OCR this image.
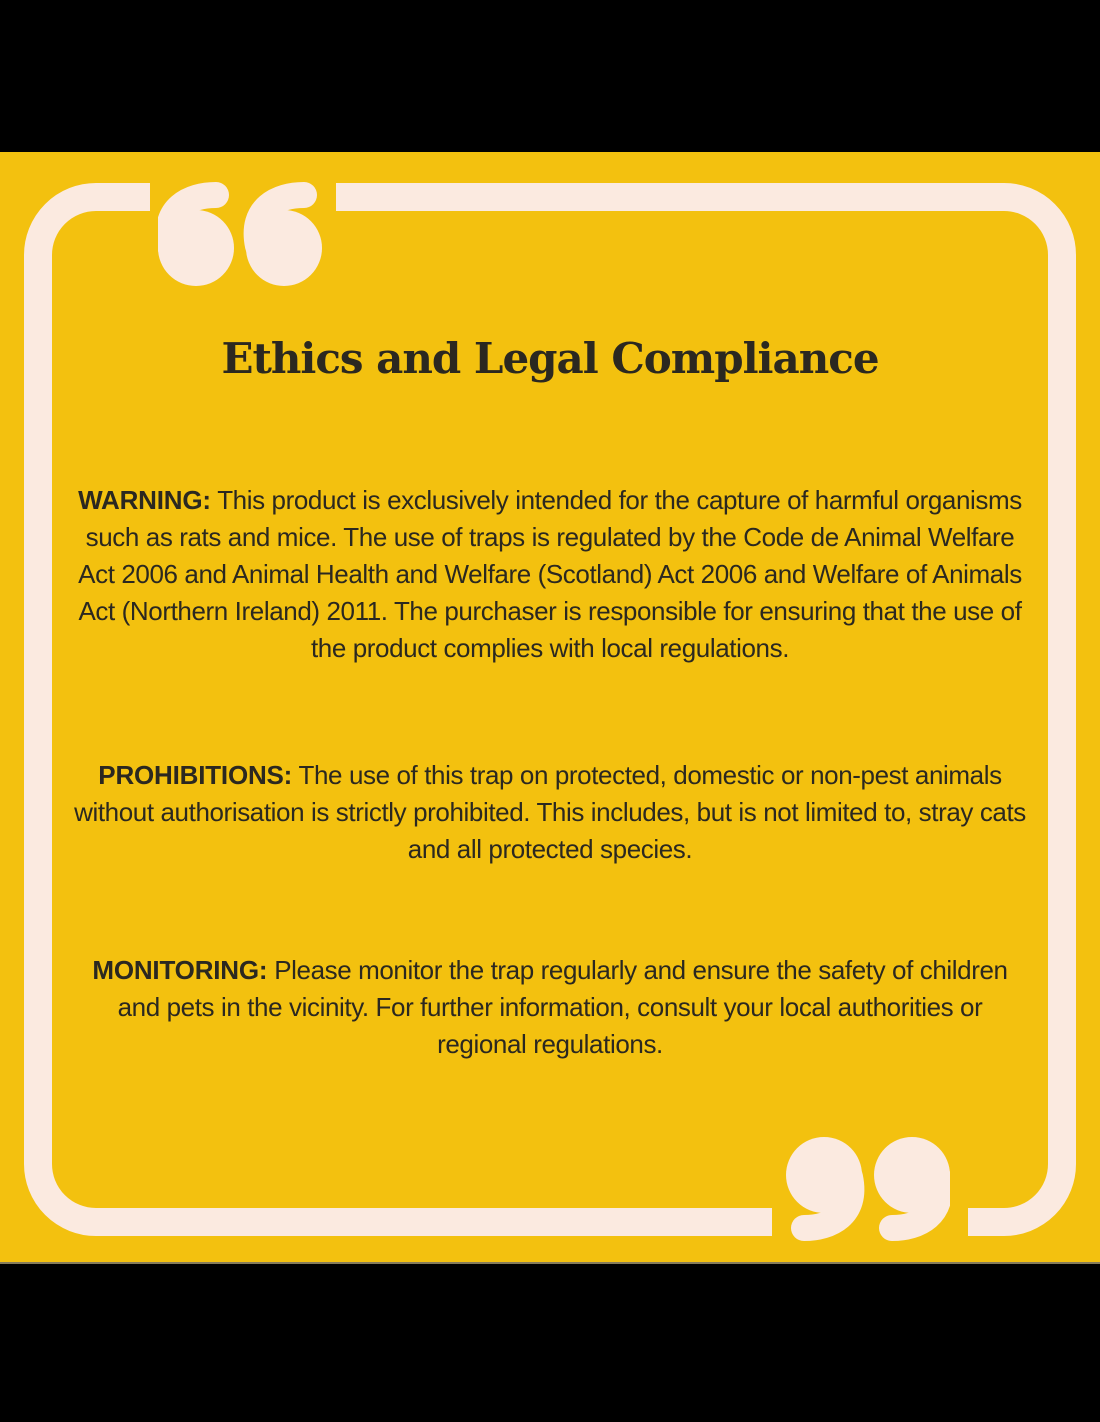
Ethics and Legal Compliance

WARNING: This product is exclusively intended for the capture of harmful organisms such as rats and mice. The use of traps is regulated by the Code de Animal Welfare Act 2006 and Animal Health and Welfare (Scotland) Act 2006 and Welfare of Animals Act (Northern Ireland) 2011. The purchaser is responsible for ensuring that the use of the product complies with local regulations.

PROHIBITIONS: The use of this trap on protected, domestic or non-pest animals without authorisation is strictly prohibited. This includes, but is not limited to, stray cats and all protected species.

MONITORING: Please monitor the trap regularly and ensure the safety of children and pets in the vicinity. For further information, consult your local authorities or regional regulations.
